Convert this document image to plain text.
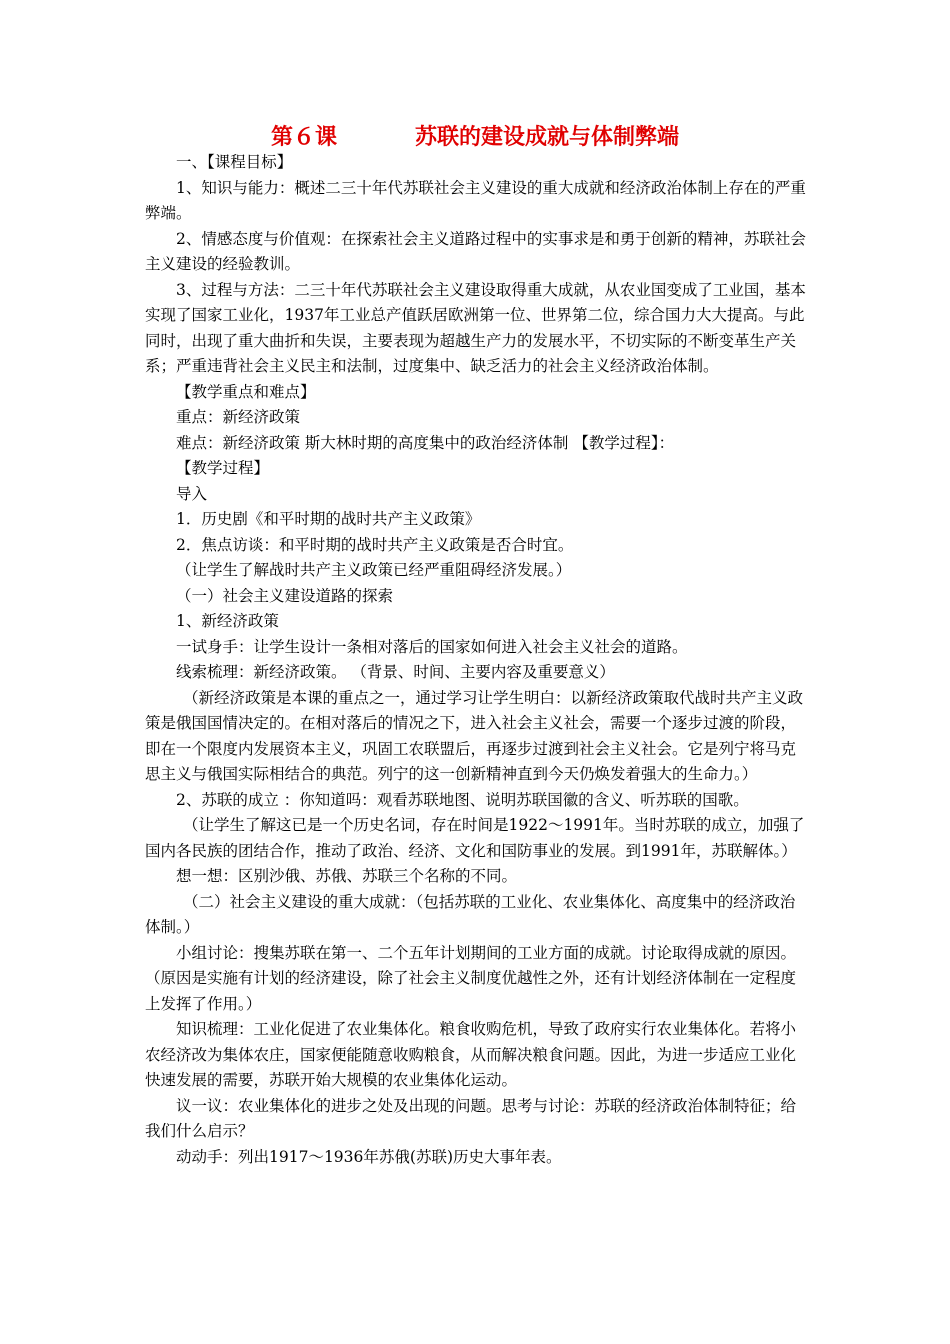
第６课	苏联的建设成就与体制弊端

一、【课程目标】

1、知识与能力：概述二三十年代苏联社会主义建设的重大成就和经济政治体制上存在的严重弊端。

2、情感态度与价值观：在探索社会主义道路过程中的实事求是和勇于创新的精神，苏联社会主义建设的经验教训。

3、过程与方法：二三十年代苏联社会主义建设取得重大成就，从农业国变成了工业国，基本实现了国家工业化，1937年工业总产值跃居欧洲第一位、世界第二位，综合国力大大提高。与此同时，出现了重大曲折和失误，主要表现为超越生产力的发展水平，不切实际的不断变革生产关系；严重违背社会主义民主和法制，过度集中、缺乏活力的社会主义经济政治体制。

【教学重点和难点】

重点：新经济政策

难点：新经济政策 斯大林时期的高度集中的政治经济体制 【教学过程】：

【教学过程】

导入

1．历史剧《和平时期的战时共产主义政策》

2．焦点访谈：和平时期的战时共产主义政策是否合时宜。

（让学生了解战时共产主义政策已经严重阻碍经济发展。）

（一）社会主义建设道路的探索

1、新经济政策

一试身手：让学生设计一条相对落后的国家如何进入社会主义社会的道路。

线索梳理：新经济政策。 （背景、时间、主要内容及重要意义）

（新经济政策是本课的重点之一，通过学习让学生明白：以新经济政策取代战时共产主义政策是俄国国情决定的。在相对落后的情况之下，进入社会主义社会，需要一个逐步过渡的阶段，即在一个限度内发展资本主义，巩固工农联盟后，再逐步过渡到社会主义社会。它是列宁将马克思主义与俄国实际相结合的典范。列宁的这一创新精神直到今天仍焕发着强大的生命力。）

2、苏联的成立 ：你知道吗：观看苏联地图、说明苏联国徽的含义、听苏联的国歌。

（让学生了解这已是一个历史名词，存在时间是1922～1991年。当时苏联的成立，加强了国内各民族的团结合作，推动了政治、经济、文化和国防事业的发展。到1991年，苏联解体。）

想一想：区别沙俄、苏俄、苏联三个名称的不同。

（二）社会主义建设的重大成就：（包括苏联的工业化、农业集体化、高度集中的经济政治体制。）

小组讨论：搜集苏联在第一、二个五年计划期间的工业方面的成就。讨论取得成就的原因。（原因是实施有计划的经济建设，除了社会主义制度优越性之外，还有计划经济体制在一定程度上发挥了作用。）

知识梳理：工业化促进了农业集体化。粮食收购危机，导致了政府实行农业集体化。若将小农经济改为集体农庄，国家便能随意收购粮食，从而解决粮食问题。因此，为进一步适应工业化快速发展的需要，苏联开始大规模的农业集体化运动。

议一议：农业集体化的进步之处及出现的问题。思考与讨论：苏联的经济政治体制特征；给我们什么启示？

动动手：列出1917～1936年苏俄(苏联)历史大事年表。
